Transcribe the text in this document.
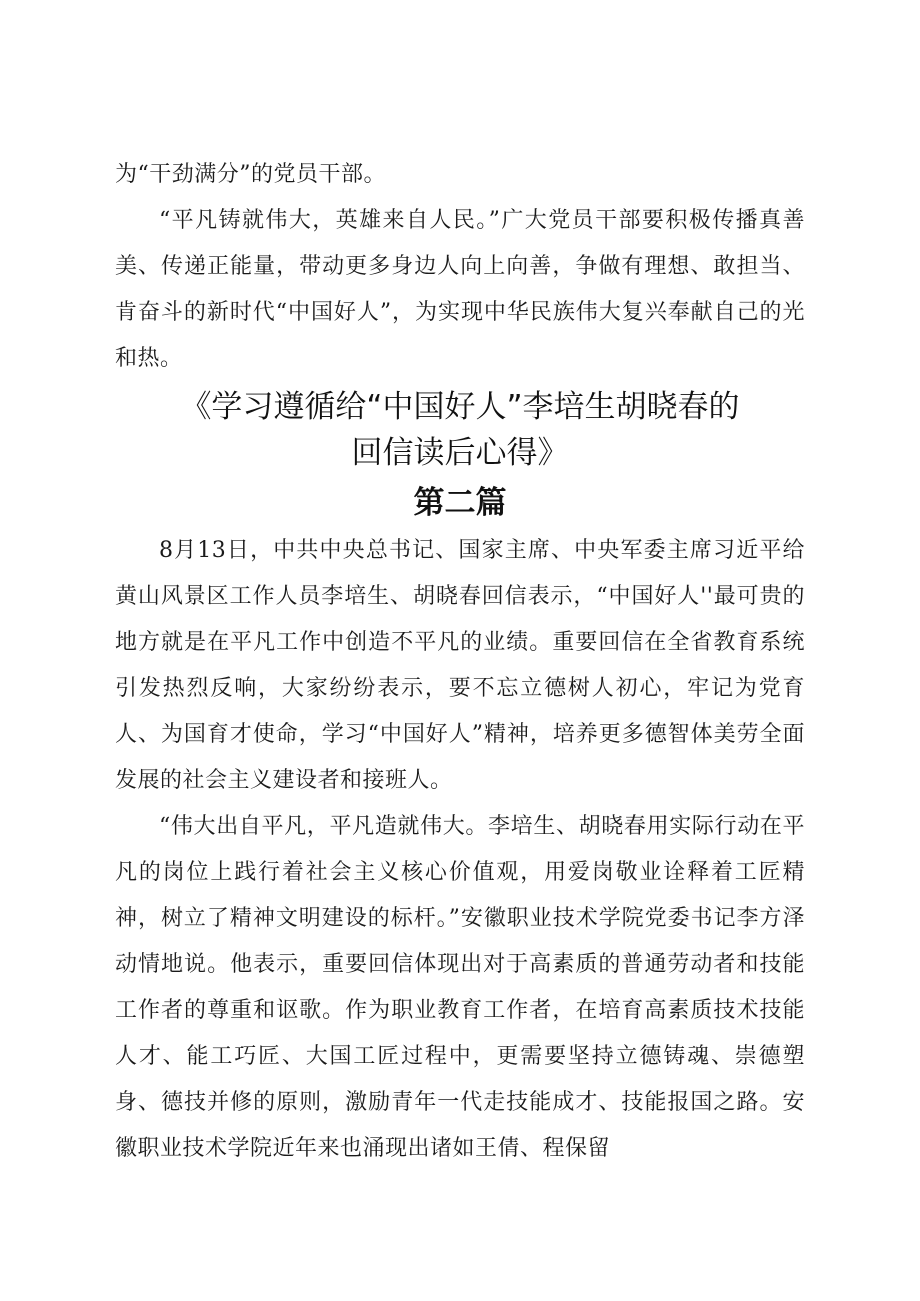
为“干劲满分”的党员干部。

“平凡铸就伟大，英雄来自人民。”广大党员干部要积极传播真善美、传递正能量，带动更多身边人向上向善，争做有理想、敢担当、肯奋斗的新时代“中国好人”，为实现中华民族伟大复兴奉献自己的光和热。

《学习遵循给“中国好人”李培生胡晓春的
回信读后心得》
第二篇

8月13日，中共中央总书记、国家主席、中央军委主席习近平给黄山风景区工作人员李培生、胡晓春回信表示，“中国好人''最可贵的地方就是在平凡工作中创造不平凡的业绩。重要回信在全省教育系统引发热烈反响，大家纷纷表示，要不忘立德树人初心，牢记为党育人、为国育才使命，学习“中国好人”精神，培养更多德智体美劳全面发展的社会主义建设者和接班人。

“伟大出自平凡，平凡造就伟大。李培生、胡晓春用实际行动在平凡的岗位上践行着社会主义核心价值观，用爱岗敬业诠释着工匠精神，树立了精神文明建设的标杆。”安徽职业技术学院党委书记李方泽动情地说。他表示，重要回信体现出对于高素质的普通劳动者和技能工作者的尊重和讴歌。作为职业教育工作者，在培育高素质技术技能人才、能工巧匠、大国工匠过程中，更需要坚持立德铸魂、崇德塑身、德技并修的原则，激励青年一代走技能成才、技能报国之路。安徽职业技术学院近年来也涌现出诸如王倩、程保留
